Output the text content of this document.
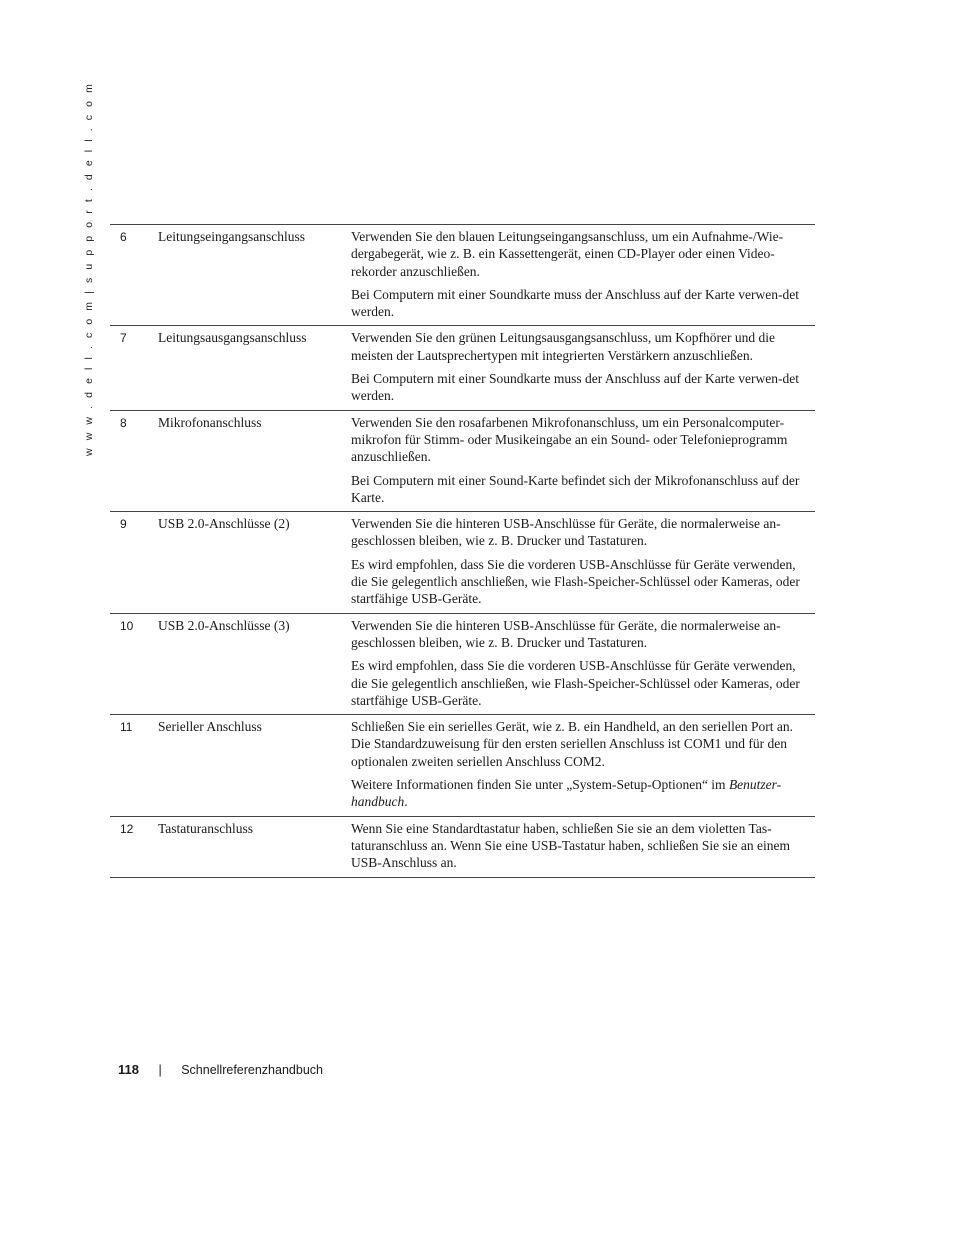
w w w . d e l l . c o m | s u p p o r t . d e l l . c o m 6	Leitungseingangsanschluss	Verwenden Sie den blauen Leitungseingangsanschluss, um ein Aufnahme-/Wie-dergabegerät, wie z. B. ein Kassettengerät, einen CD-Player oder einen Video-rekorder anzuschließen.

Bei Computern mit einer Soundkarte muss der Anschluss auf der Karte verwen-det werden.

7	Leitungsausgangsanschluss	Verwenden Sie den grünen Leitungsausgangsanschluss, um Kopfhörer und die meisten der Lautsprechertypen mit integrierten Verstärkern anzuschließen.

Bei Computern mit einer Soundkarte muss der Anschluss auf der Karte verwen-det werden.

8	Mikrofonanschluss	Verwenden Sie den rosafarbenen Mikrofonanschluss, um ein Personalcomputer-mikrofon für Stimm- oder Musikeingabe an ein Sound- oder Telefonieprogramm anzuschließen.

Bei Computern mit einer Sound-Karte befindet sich der Mikrofonanschluss auf der Karte.

9	USB 2.0-Anschlüsse (2)	Verwenden Sie die hinteren USB-Anschlüsse für Geräte, die normalerweise an-geschlossen bleiben, wie z. B. Drucker und Tastaturen.

Es wird empfohlen, dass Sie die vorderen USB-Anschlüsse für Geräte verwenden, die Sie gelegentlich anschließen, wie Flash-Speicher-Schlüssel oder Kameras, oder startfähige USB-Geräte.

10	USB 2.0-Anschlüsse (3)	Verwenden Sie die hinteren USB-Anschlüsse für Geräte, die normalerweise an-geschlossen bleiben, wie z. B. Drucker und Tastaturen.

Es wird empfohlen, dass Sie die vorderen USB-Anschlüsse für Geräte verwenden, die Sie gelegentlich anschließen, wie Flash-Speicher-Schlüssel oder Kameras, oder startfähige USB-Geräte.

11	Serieller Anschluss	Schließen Sie ein serielles Gerät, wie z. B. ein Handheld, an den seriellen Port an. Die Standardzuweisung für den ersten seriellen Anschluss ist COM1 und für den optionalen zweiten seriellen Anschluss COM2.

Weitere Informationen finden Sie unter „System-Setup-Optionen“ im Benutzer-handbuch.

12	Tastaturanschluss	Wenn Sie eine Standardtastatur haben, schließen Sie sie an dem violetten Tas-taturanschluss an. Wenn Sie eine USB-Tastatur haben, schließen Sie sie an einem USB-Anschluss an.

118 | Schnellreferenzhandbuch
